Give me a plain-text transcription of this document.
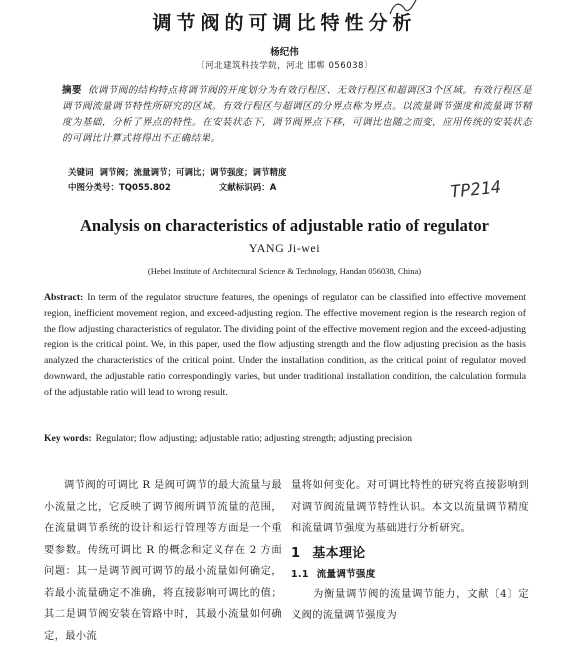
调节阀的可调比特性分析
杨纪伟
〔河北建筑科技学院，河北 邯郸 056038〕
摘要 依调节阀的结构特点将调节阀的开度划分为有效行程区、无效行程区和超调区3个区域。有效行程区是调节阀流量调节特性所研究的区域。有效行程区与超调区的分界点称为界点。以流量调节强度和流量调节精度为基础，分析了界点的特性。在安装状态下，调节阀界点下移，可调比也随之而变，应用传统的安装状态的可调比计算式将得出不正确结果。
关键词 调节阀；流量调节；可调比；调节强度；调节精度
中图分类号：TQ055.802	文献标识码：A	TP214
Analysis on characteristics of adjustable ratio of regulator
YANG Ji-wei
(Hebei Institute of Architectural Science & Technology, Handan 056038, China)
Abstract: In term of the regulator structure features, the openings of regulator can be classified into effective movement region, inefficient movement region, and exceed-adjusting region. The effective movement region is the research region of the flow adjusting characteristics of regulator. The dividing point of the effective movement region and the exceed-adjusting region is the critical point. We, in this paper, used the flow adjusting strength and the flow adjusting precision as the basis analyzed the characteristics of the critical point. Under the installation condition, as the critical point of regulator moved downward, the adjustable ratio correspondingly varies, but under traditional installation condition, the calculation formula of the adjustable ratio will lead to wrong result.
Key words: Regulator; flow adjusting; adjustable ratio; adjusting strength; adjusting precision

调节阀的可调比 R 是阀可调节的最大流量与最小流量之比，它反映了调节阀所调节流量的范围，在流量调节系统的设计和运行管理等方面是一个重要参数。传统可调比 R 的概念和定义存在 2 方面问题：其一是调节阀可调节的最小流量如何确定，若最小流量确定不准确，将直接影响可调比的值；其二是调节阀安装在管路中时，其最小流量如何确定，最小流

量将如何变化。对可调比特性的研究将直接影响到对调节阀流量调节特性认识。本文以流量调节精度和流量调节强度为基础进行分析研究。

1 基本理论
1.1 流量调节强度

为衡量调节阀的流量调节能力，文献〔4〕定义阀的流量调节强度为
